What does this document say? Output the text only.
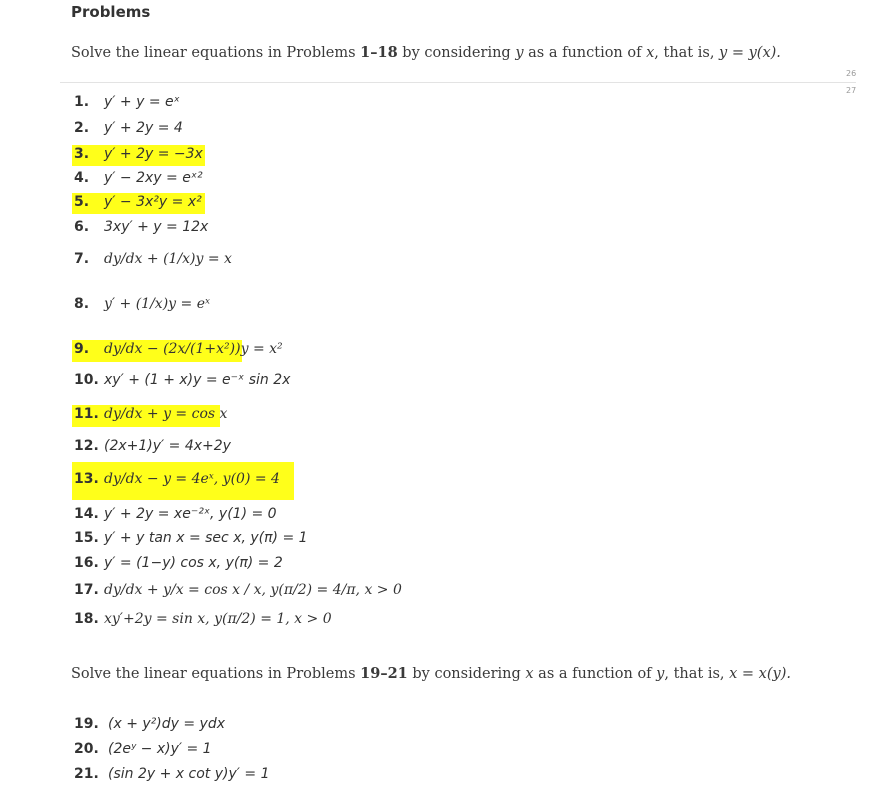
Problems
Solve the linear equations in Problems 1–18 by considering y as a function of x, that is, y = y(x).
26
27
1. y′ + y = eˣ
2. y′ + 2y = 4
3. y′ + 2y = −3x
4. y′ − 2xy = eˣ²
5. y′ − 3x²y = x²
6. 3xy′ + y = 12x
7. dy/dx + (1/x)y = x
8. y′ + (1/x)y = eˣ
9. dy/dx − (2x/(1+x²))y = x²
10. xy′ + (1 + x)y = e⁻ˣ sin 2x
11. dy/dx + y = cos x
12. (2x+1)y′ = 4x+2y
13. dy/dx − y = 4eˣ, y(0) = 4
14. y′ + 2y = xe⁻²ˣ, y(1) = 0
15. y′ + y tan x = sec x, y(π) = 1
16. y′ = (1−y) cos x, y(π) = 2
17. dy/dx + y/x = cos x / x, y(π/2) = 4/π, x > 0
18. xy′+2y = sin x, y(π/2) = 1, x > 0
Solve the linear equations in Problems 19–21 by considering x as a function of y, that is, x = x(y).
19. (x + y²)dy = ydx
20. (2eʸ − x)y′ = 1
21. (sin 2y + x cot y)y′ = 1
